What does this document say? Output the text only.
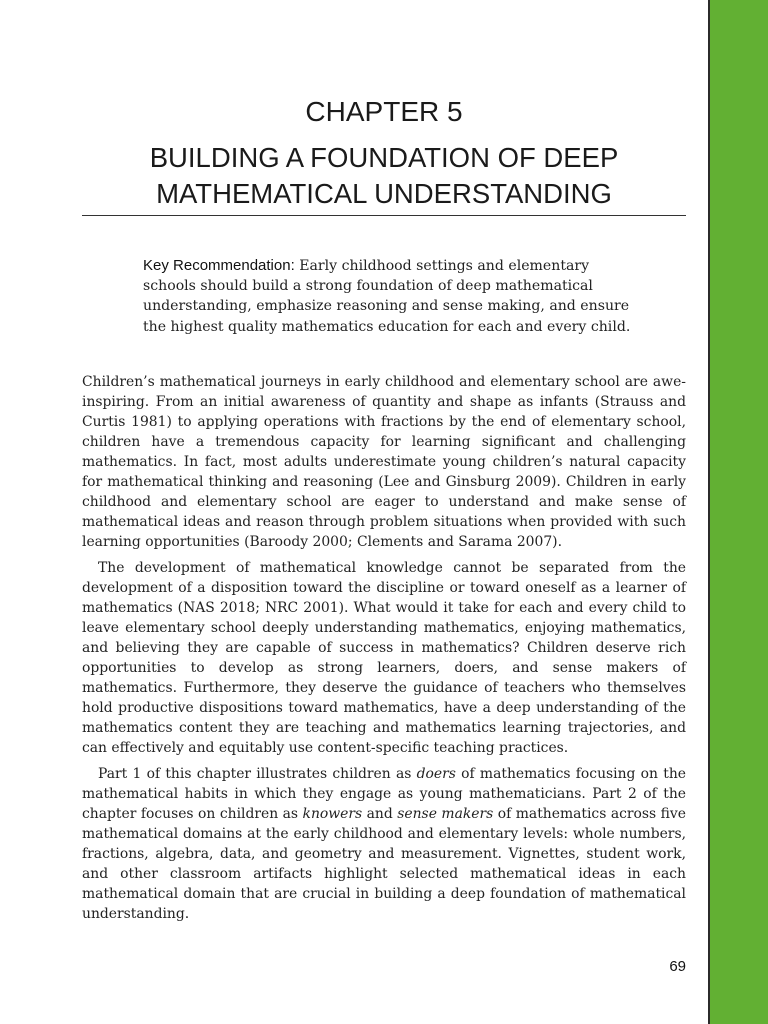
CHAPTER 5
BUILDING A FOUNDATION OF DEEP MATHEMATICAL UNDERSTANDING

Key Recommendation: Early childhood settings and elementary schools should build a strong foundation of deep mathematical understanding, emphasize reasoning and sense making, and ensure the highest quality mathematics education for each and every child.

Children’s mathematical journeys in early childhood and elementary school are awe-inspiring. From an initial awareness of quantity and shape as infants (Strauss and Curtis 1981) to applying operations with fractions by the end of elementary school, children have a tremendous capacity for learning significant and challenging mathematics. In fact, most adults underestimate young children’s natural capacity for mathematical thinking and reasoning (Lee and Ginsburg 2009). Children in early childhood and elementary school are eager to understand and make sense of mathematical ideas and reason through problem situations when provided with such learning opportunities (Baroody 2000; Clements and Sarama 2007).

The development of mathematical knowledge cannot be separated from the development of a disposition toward the discipline or toward oneself as a learner of mathematics (NAS 2018; NRC 2001). What would it take for each and every child to leave elementary school deeply understanding mathematics, enjoying mathematics, and believing they are capable of success in mathematics? Children deserve rich opportunities to develop as strong learners, doers, and sense makers of mathematics. Furthermore, they deserve the guidance of teachers who themselves hold productive dispositions toward mathematics, have a deep understanding of the mathematics content they are teaching and mathematics learning trajectories, and can effectively and equitably use content-specific teaching practices.

Part 1 of this chapter illustrates children as doers of mathematics focusing on the mathematical habits in which they engage as young mathematicians. Part 2 of the chapter focuses on children as knowers and sense makers of mathematics across five mathematical domains at the early childhood and elementary levels: whole numbers, fractions, algebra, data, and geometry and measurement. Vignettes, student work, and other classroom artifacts highlight selected mathematical ideas in each mathematical domain that are crucial in building a deep foundation of mathematical understanding.

69
